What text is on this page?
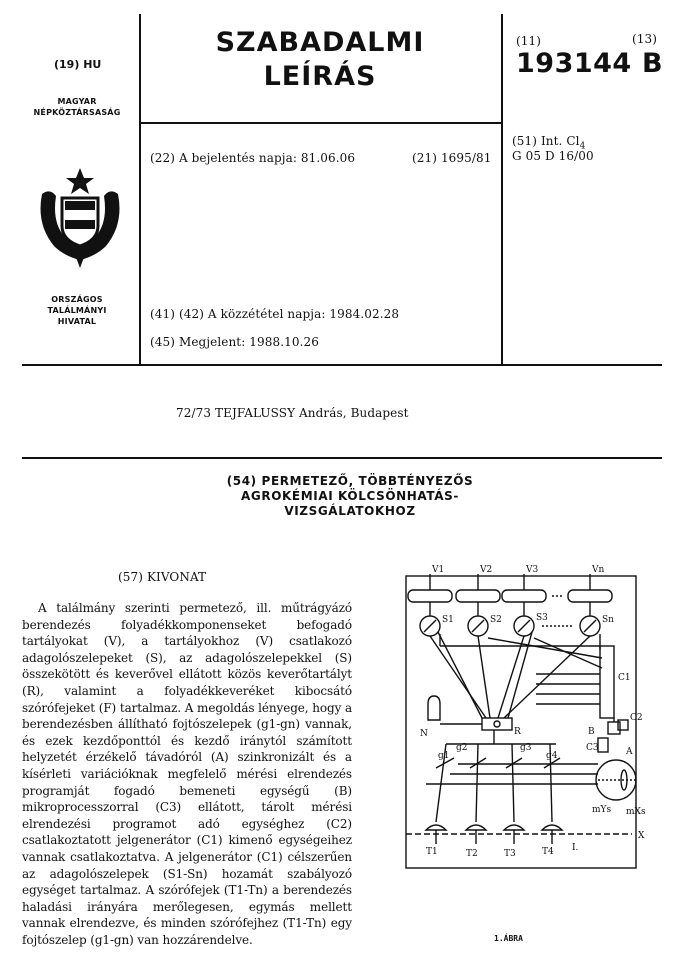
(19) HU
MAGYAR
NÉPKÖZTÁRSASÁG
ORSZÁGOS
TALÁLMÁNYI
HIVATAL
SZABADALMI
LEÍRÁS
(11)	(13)
193144 B
(22) A bejelentés napja: 81.06.06	(21) 1695/81
(51) Int. $Cl_4$
G 05 D 16/00
(41) (42) A közzététel napja: 1984.02.28
(45) Megjelent: 1988.10.26
72/73 TEJFALUSSY András, Budapest
(54) PERMETEZŐ, TÖBBTÉNYEZŐS
AGROKÉMIAI KÖLCSÖNHATÁS-
VIZSGÁLATOKHOZ
(57) KIVONAT
A találmány szerinti permetező, ill. műtrágyázó berendezés folyadékkomponenseket befogadó tartályokat (V), a tartályokhoz (V) csatlakozó adagolószelepeket (S), az adagolószelepekkel (S) összekötött és keverővel ellátott közös keverőtartályt (R), valamint a folyadékkeveréket kibocsátó szórófejeket (F) tartalmaz. A megoldás lényege, hogy a berendezésben állítható fojtószelepek (g1-gn) vannak, és ezek kezdőponttól és kezdő iránytól számított helyzetét érzékelő távadóról (A) szinkronizált és a kísérleti variációknak megfelelő mérési elrendezés programját fogadó bemeneti egységű (B) mikroprocesszorral (C3) ellátott, tárolt mérési elrendezési programot adó egységhez (C2) csatlakoztatott jelgenerátor (C1) kimenő egységeihez vannak csatlakoztatva. A jelgenerátor (C1) célszerűen az adagolószelepek (S1-Sn) hozamát szabályozó egységet tartalmaz. A szórófejek (T1-Tn) a berendezés haladási irányára merőlegesen, egymás mellett vannak elrendezve, és minden szórófejhez (T1-Tn) egy fojtószelep (g1-gn) van hozzárendelve.
V1	V2	V3	Vn
S1	S2	S3	Sn
T1	T2	T3	T4 I.
g1
g2	g3
g4
C1
C2
C3
B
A
R
N
mYs mXs
X
1.ÁBRA
